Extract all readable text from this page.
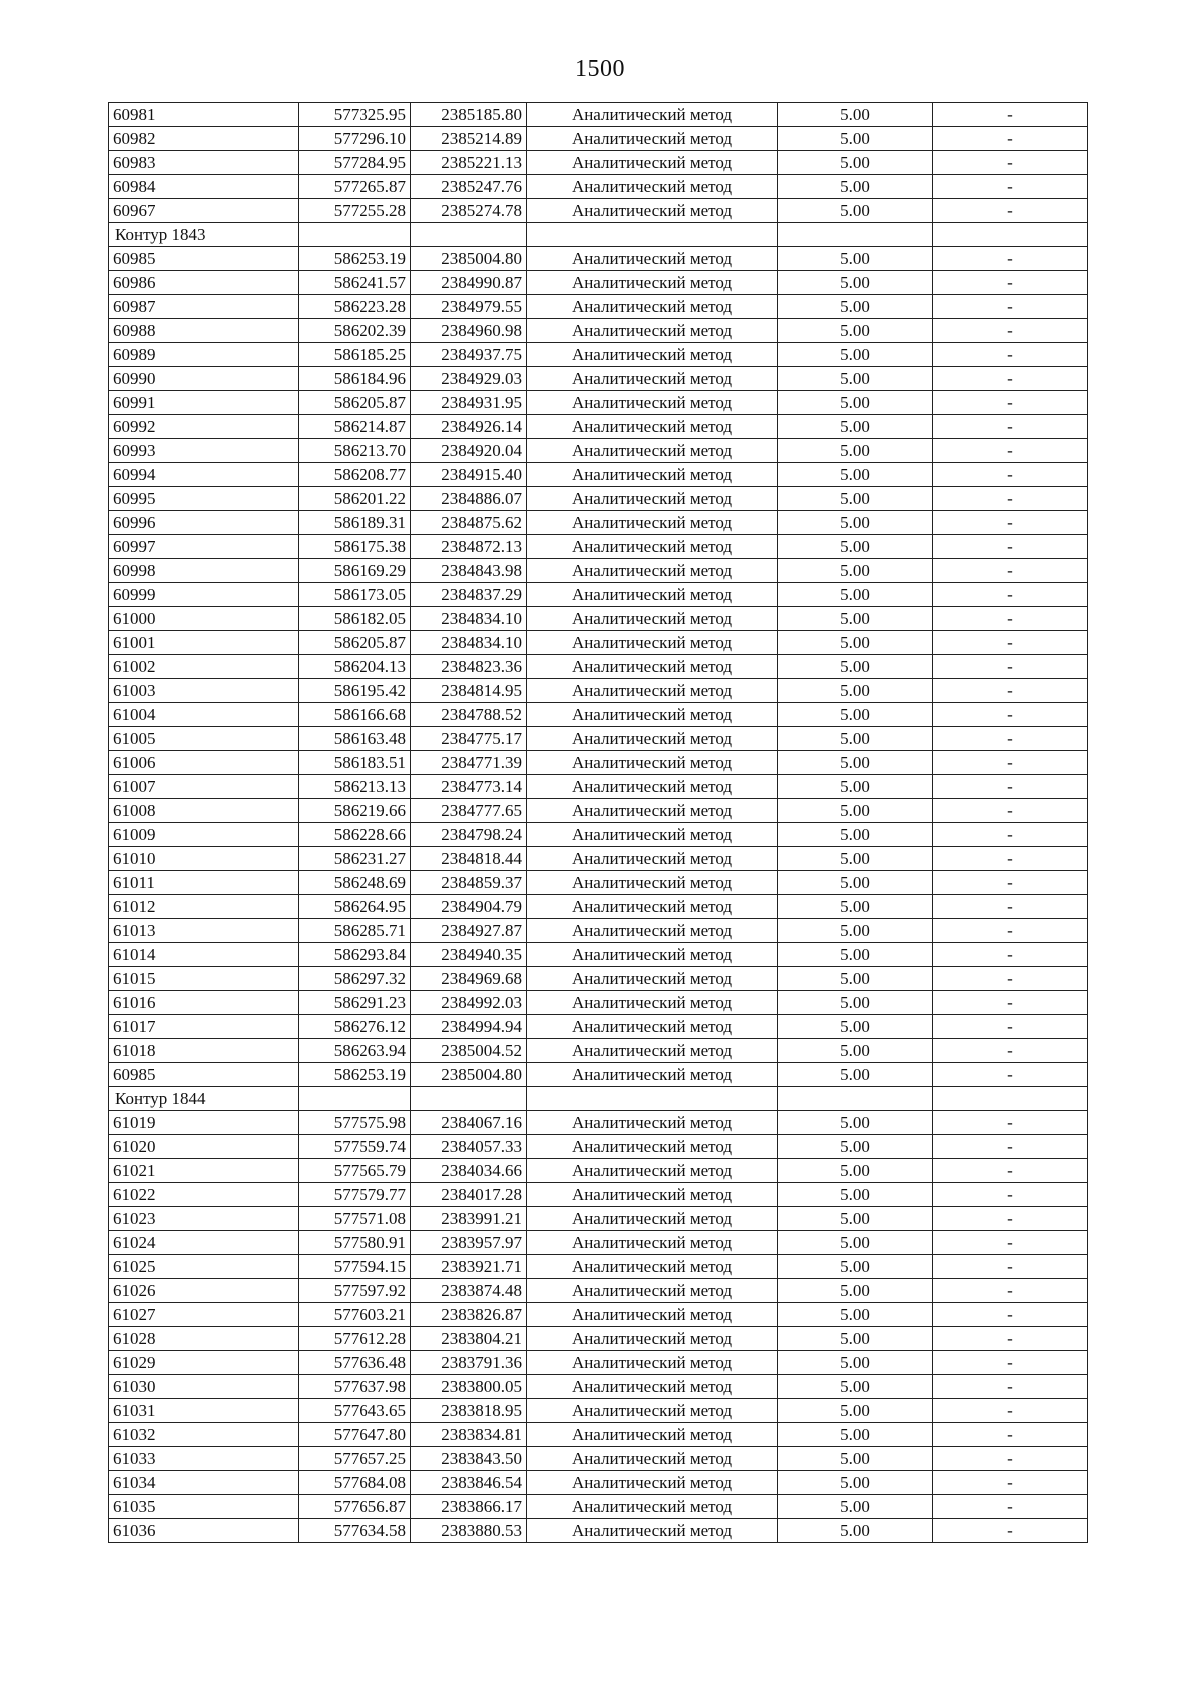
1500
60981	577325.95	2385185.80	Аналитический метод	5.00	-
60982	577296.10	2385214.89	Аналитический метод	5.00	-
60983	577284.95	2385221.13	Аналитический метод	5.00	-
60984	577265.87	2385247.76	Аналитический метод	5.00	-
60967	577255.28	2385274.78	Аналитический метод	5.00	-
Контур 1843					
60985	586253.19	2385004.80	Аналитический метод	5.00	-
60986	586241.57	2384990.87	Аналитический метод	5.00	-
60987	586223.28	2384979.55	Аналитический метод	5.00	-
60988	586202.39	2384960.98	Аналитический метод	5.00	-
60989	586185.25	2384937.75	Аналитический метод	5.00	-
60990	586184.96	2384929.03	Аналитический метод	5.00	-
60991	586205.87	2384931.95	Аналитический метод	5.00	-
60992	586214.87	2384926.14	Аналитический метод	5.00	-
60993	586213.70	2384920.04	Аналитический метод	5.00	-
60994	586208.77	2384915.40	Аналитический метод	5.00	-
60995	586201.22	2384886.07	Аналитический метод	5.00	-
60996	586189.31	2384875.62	Аналитический метод	5.00	-
60997	586175.38	2384872.13	Аналитический метод	5.00	-
60998	586169.29	2384843.98	Аналитический метод	5.00	-
60999	586173.05	2384837.29	Аналитический метод	5.00	-
61000	586182.05	2384834.10	Аналитический метод	5.00	-
61001	586205.87	2384834.10	Аналитический метод	5.00	-
61002	586204.13	2384823.36	Аналитический метод	5.00	-
61003	586195.42	2384814.95	Аналитический метод	5.00	-
61004	586166.68	2384788.52	Аналитический метод	5.00	-
61005	586163.48	2384775.17	Аналитический метод	5.00	-
61006	586183.51	2384771.39	Аналитический метод	5.00	-
61007	586213.13	2384773.14	Аналитический метод	5.00	-
61008	586219.66	2384777.65	Аналитический метод	5.00	-
61009	586228.66	2384798.24	Аналитический метод	5.00	-
61010	586231.27	2384818.44	Аналитический метод	5.00	-
61011	586248.69	2384859.37	Аналитический метод	5.00	-
61012	586264.95	2384904.79	Аналитический метод	5.00	-
61013	586285.71	2384927.87	Аналитический метод	5.00	-
61014	586293.84	2384940.35	Аналитический метод	5.00	-
61015	586297.32	2384969.68	Аналитический метод	5.00	-
61016	586291.23	2384992.03	Аналитический метод	5.00	-
61017	586276.12	2384994.94	Аналитический метод	5.00	-
61018	586263.94	2385004.52	Аналитический метод	5.00	-
60985	586253.19	2385004.80	Аналитический метод	5.00	-
Контур 1844					
61019	577575.98	2384067.16	Аналитический метод	5.00	-
61020	577559.74	2384057.33	Аналитический метод	5.00	-
61021	577565.79	2384034.66	Аналитический метод	5.00	-
61022	577579.77	2384017.28	Аналитический метод	5.00	-
61023	577571.08	2383991.21	Аналитический метод	5.00	-
61024	577580.91	2383957.97	Аналитический метод	5.00	-
61025	577594.15	2383921.71	Аналитический метод	5.00	-
61026	577597.92	2383874.48	Аналитический метод	5.00	-
61027	577603.21	2383826.87	Аналитический метод	5.00	-
61028	577612.28	2383804.21	Аналитический метод	5.00	-
61029	577636.48	2383791.36	Аналитический метод	5.00	-
61030	577637.98	2383800.05	Аналитический метод	5.00	-
61031	577643.65	2383818.95	Аналитический метод	5.00	-
61032	577647.80	2383834.81	Аналитический метод	5.00	-
61033	577657.25	2383843.50	Аналитический метод	5.00	-
61034	577684.08	2383846.54	Аналитический метод	5.00	-
61035	577656.87	2383866.17	Аналитический метод	5.00	-
61036	577634.58	2383880.53	Аналитический метод	5.00	-
